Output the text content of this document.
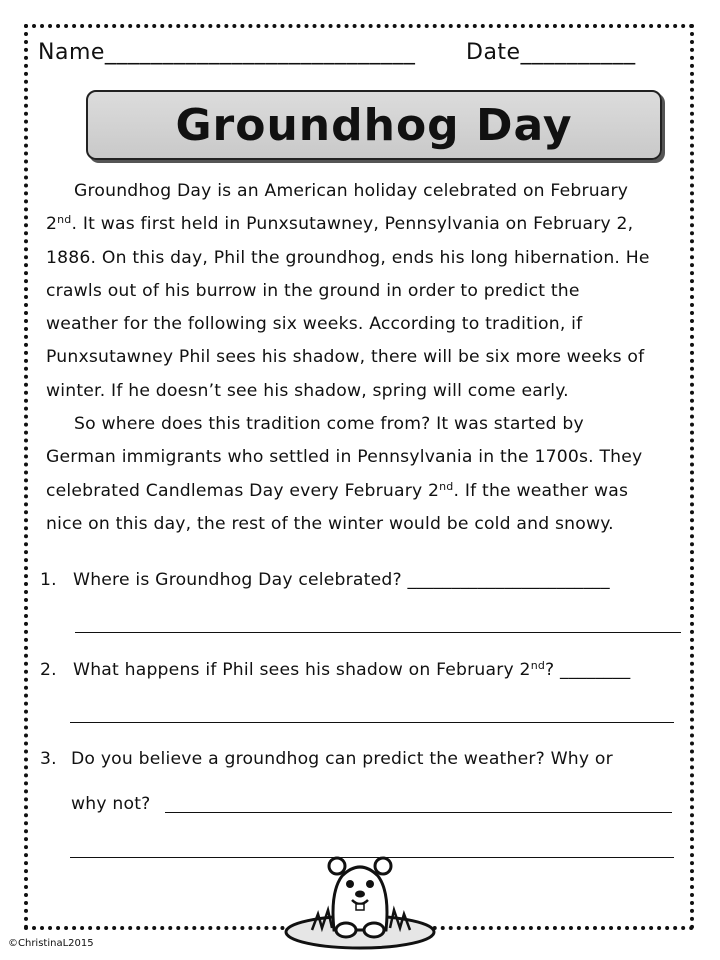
Name___________________________ Date__________
Groundhog Day

Groundhog Day is an American holiday celebrated on February
2nd. It was first held in Punxsutawney, Pennsylvania on February 2,
1886. On this day, Phil the groundhog, ends his long hibernation. He
crawls out of his burrow in the ground in order to predict the
weather for the following six weeks. According to tradition, if
Punxsutawney Phil sees his shadow, there will be six more weeks of
winter. If he doesn’t see his shadow, spring will come early.

So where does this tradition come from? It was started by
German immigrants who settled in Pennsylvania in the 1700s. They
celebrated Candlemas Day every February 2nd. If the weather was
nice on this day, the rest of the winter would be cold and snowy.

1. Where is Groundhog Day celebrated? _______________________
2. What happens if Phil sees his shadow on February 2nd? ________
3. Do you believe a groundhog can predict the weather? Why or
why not?
©ChristinaL2015
